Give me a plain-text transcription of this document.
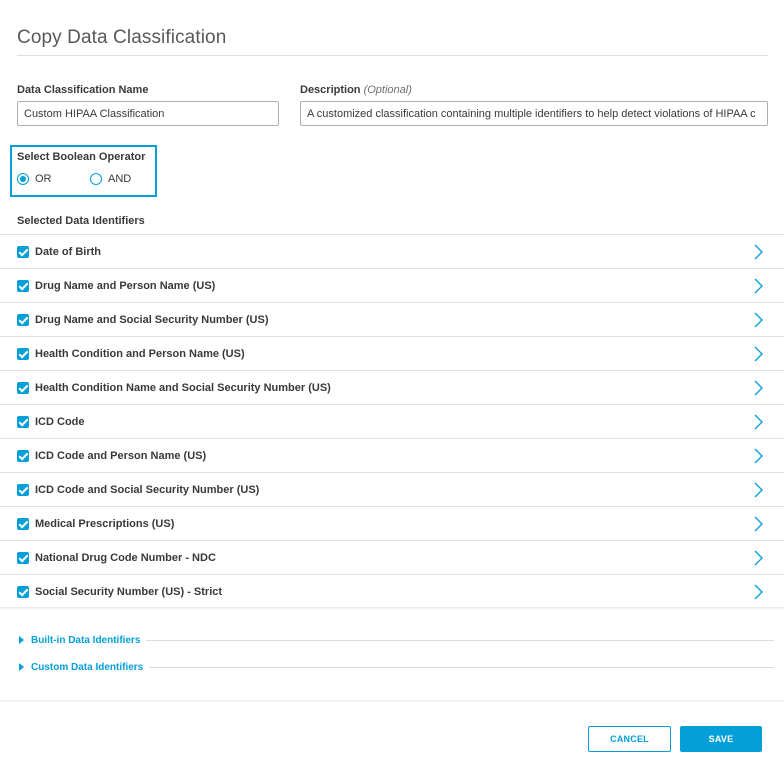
Copy Data Classification
Data Classification Name
Custom HIPAA Classification	Description (Optional)
A customized classification containing multiple identifiers to help detect violations of HIPAA c
Select Boolean Operator
OR	AND
Selected Data Identifiers
Date of Birth
Drug Name and Person Name (US)
Drug Name and Social Security Number (US)
Health Condition and Person Name (US)
Health Condition Name and Social Security Number (US)
ICD Code
ICD Code and Person Name (US)
ICD Code and Social Security Number (US)
Medical Prescriptions (US)
National Drug Code Number - NDC
Social Security Number (US) - Strict
Built-in Data Identifiers
Custom Data Identifiers
CANCEL	SAVE
